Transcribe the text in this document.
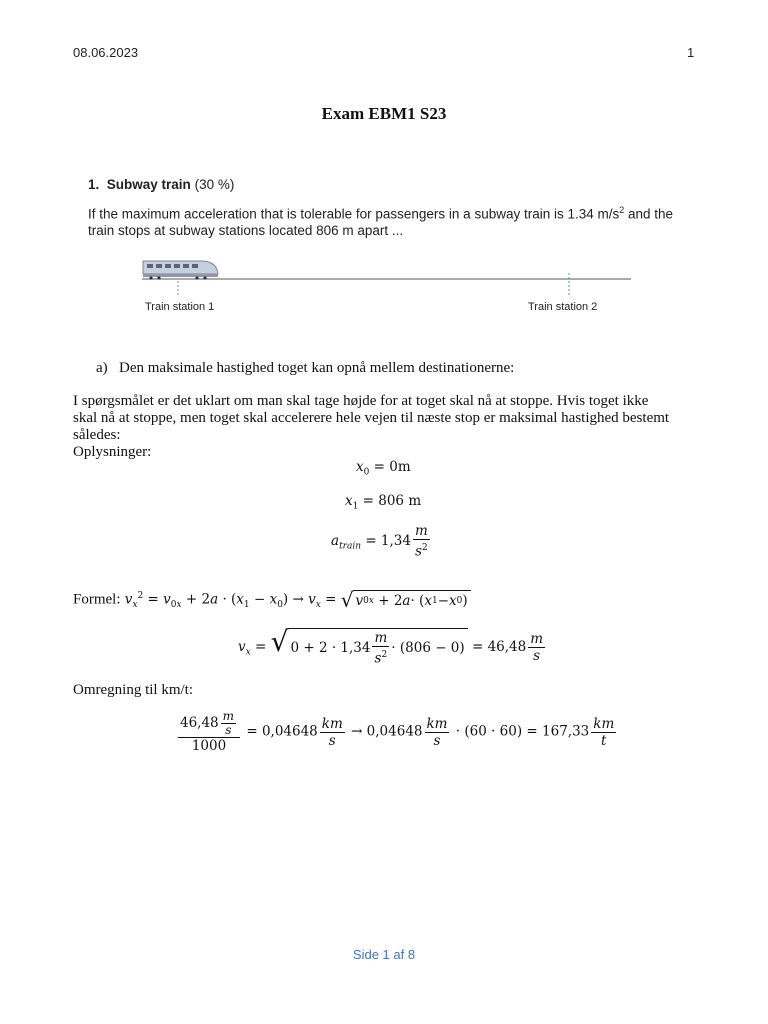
08.06.2023	1
Exam EBM1 S23
1. Subway train (30 %)
If the maximum acceleration that is tolerable for passengers in a subway train is 1.34 $m/s^2$ and the
train stops at subway stations located 806 m apart ...
Train station 1	Train station 2
a) Den maksimale hastighed toget kan opnå mellem destinationerne:
I spørgsmålet er det uklart om man skal tage højde for at toget skal nå at stoppe. Hvis toget ikke
skal nå at stoppe, men toget skal accelerere hele vejen til næste stop er maksimal hastighed bestemt
således:
Oplysninger:
$x_0 = 0m$
$x_1 = 806$ m
$a_{train} = 1,34 \frac{m}{s^2}$
Formel: $v_x^2 = v_{0x} + 2a \cdot (x_1 - x_0) \to v_x$ = √ v 0x + 2 a · ( x 1 − x 0 )
$v_x$ = √ $0 + 2 \cdot 1,34 \frac{m}{s^2} \cdot (806 - 0) = 46,48 \frac{m}{s}$
Omregning til km/t:
$\frac{46,48 \frac{m}{s}}{1000} = 0,04648 \frac{km}{s} \to 0,04648 \frac{km}{s} \cdot (60 \cdot 60) = 167,33 \frac{km}{t}$
Side 1 af 8
